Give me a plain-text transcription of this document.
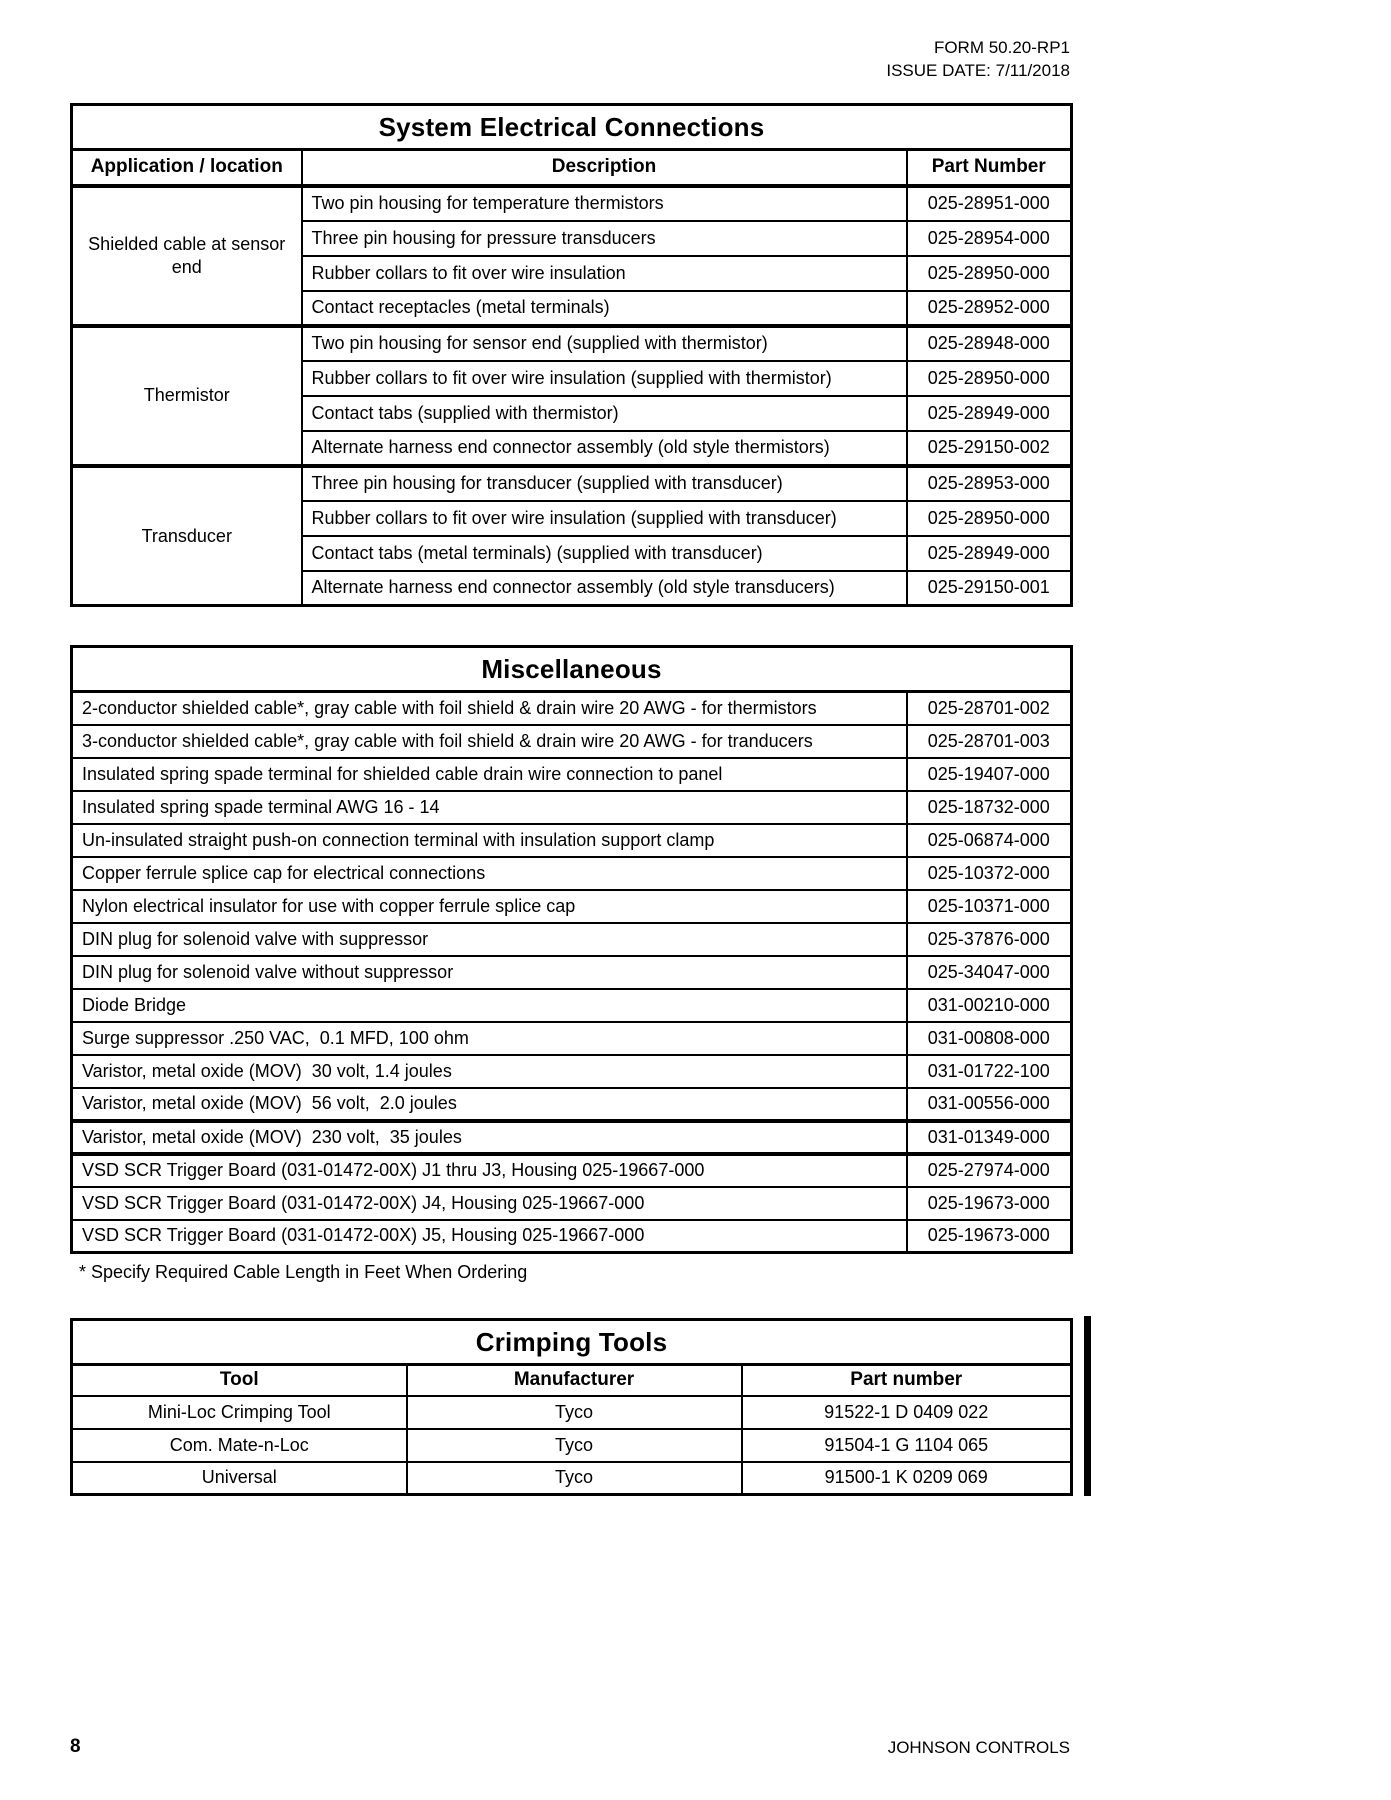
FORM 50.20-RP1
ISSUE DATE: 7/11/2018
System Electrical Connections		
Application / location	Description	Part Number
Shielded cable at sensor end	Two pin housing for temperature thermistors	025-28951-000
	Three pin housing for pressure transducers	025-28954-000
	Rubber collars to fit over wire insulation	025-28950-000
	Contact receptacles (metal terminals)	025-28952-000
Thermistor	Two pin housing for sensor end (supplied with thermistor)	025-28948-000
	Rubber collars to fit over wire insulation (supplied with thermistor)	025-28950-000
	Contact tabs (supplied with thermistor)	025-28949-000
	Alternate harness end connector assembly (old style thermistors)	025-29150-002
Transducer	Three pin housing for transducer (supplied with transducer)	025-28953-000
	Rubber collars to fit over wire insulation (supplied with transducer)	025-28950-000
	Contact tabs (metal terminals) (supplied with transducer)	025-28949-000
	Alternate harness end connector assembly (old style transducers)	025-29150-001
Miscellaneous	
2-conductor shielded cable*, gray cable with foil shield & drain wire 20 AWG - for thermistors	025-28701-002
3-conductor shielded cable*, gray cable with foil shield & drain wire 20 AWG - for tranducers	025-28701-003
Insulated spring spade terminal for shielded cable drain wire connection to panel	025-19407-000
Insulated spring spade terminal AWG 16 - 14	025-18732-000
Un-insulated straight push-on connection terminal with insulation support clamp	025-06874-000
Copper ferrule splice cap for electrical connections	025-10372-000
Nylon electrical insulator for use with copper ferrule splice cap	025-10371-000
DIN plug for solenoid valve with suppressor	025-37876-000
DIN plug for solenoid valve without suppressor	025-34047-000
Diode Bridge	031-00210-000
Surge suppressor .250 VAC,  0.1 MFD, 100 ohm	031-00808-000
Varistor, metal oxide (MOV)  30 volt, 1.4 joules	031-01722-100
Varistor, metal oxide (MOV)  56 volt,  2.0 joules	031-00556-000
Varistor, metal oxide (MOV)  230 volt,  35 joules	031-01349-000
VSD SCR Trigger Board (031-01472-00X) J1 thru J3, Housing 025-19667-000	025-27974-000
VSD SCR Trigger Board (031-01472-00X) J4, Housing 025-19667-000	025-19673-000
VSD SCR Trigger Board (031-01472-00X) J5, Housing 025-19667-000	025-19673-000
* Specify Required Cable Length in Feet When Ordering
Crimping Tools		
Tool	Manufacturer	Part number
Mini-Loc Crimping Tool	Tyco	91522-1 D 0409 022
Com. Mate-n-Loc	Tyco	91504-1 G 1104 065
Universal	Tyco	91500-1 K 0209 069
8	JOHNSON CONTROLS
